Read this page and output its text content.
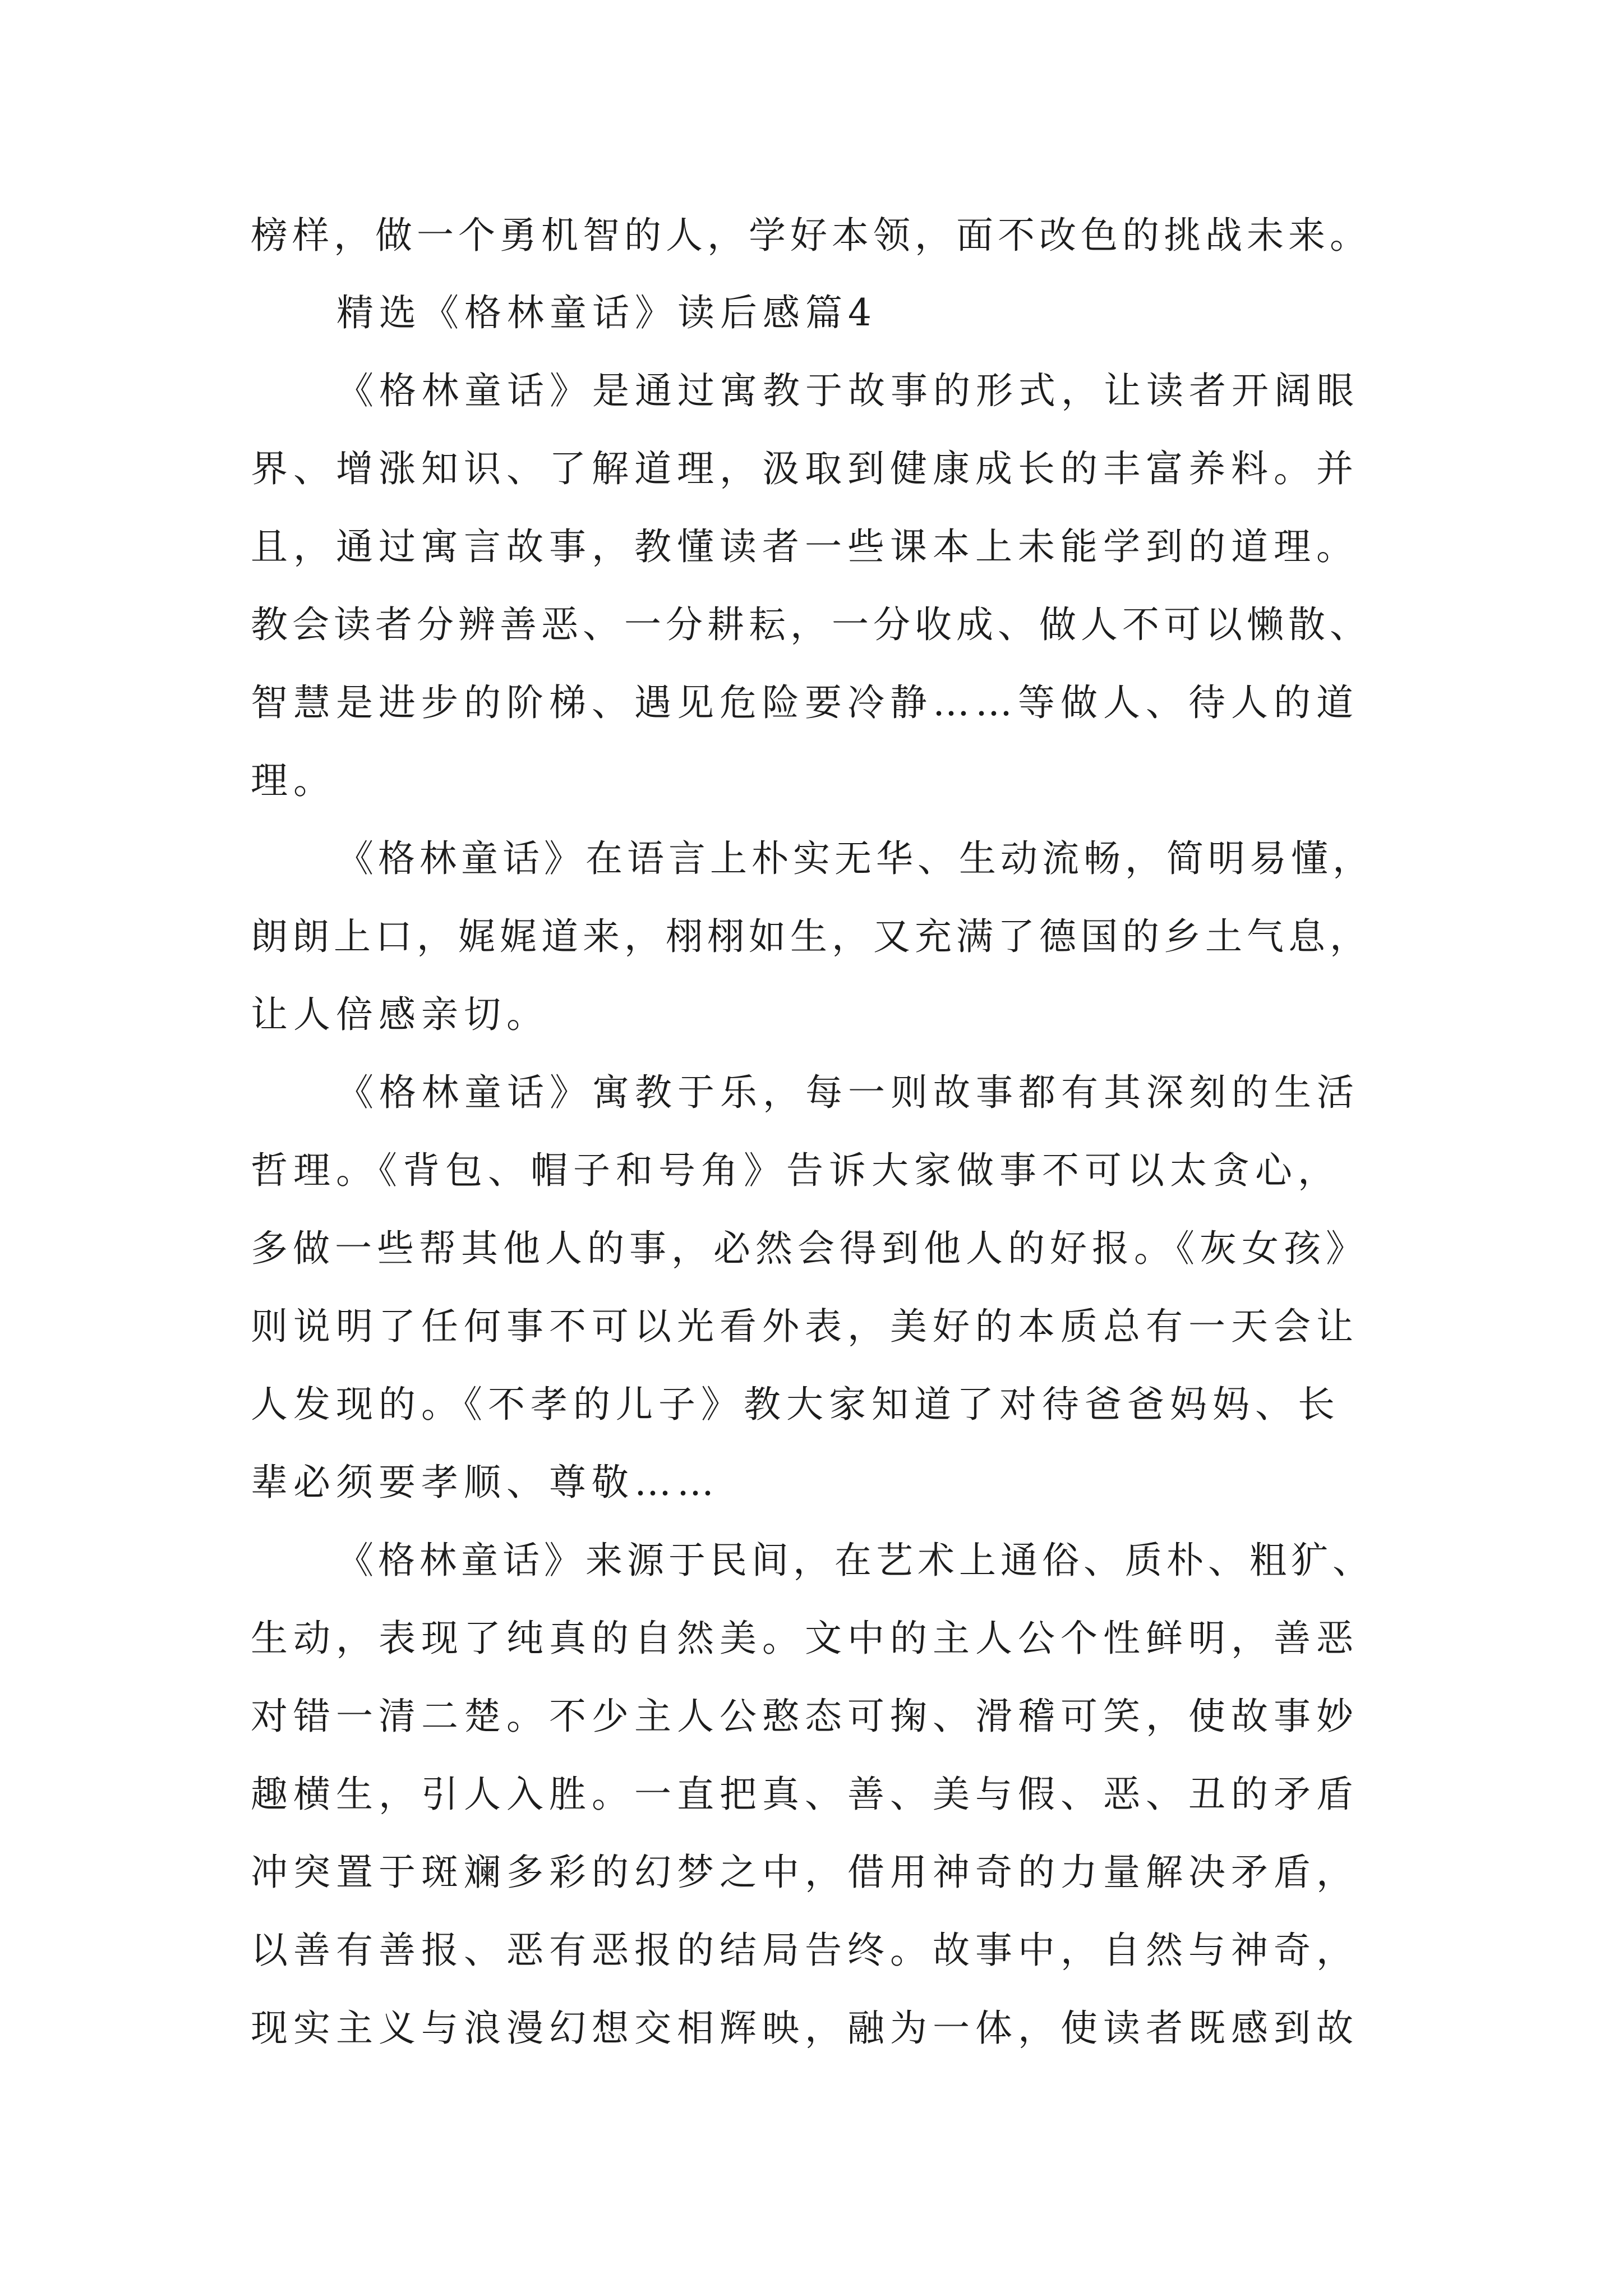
榜样，做一个勇机智的人，学好本领，面不改色的挑战未来。

精选《格林童话》读后感篇4

《格林童话》是通过寓教于故事的形式，让读者开阔眼

界、增涨知识、了解道理，汲取到健康成长的丰富养料。并

且，通过寓言故事，教懂读者一些课本上未能学到的道理。

教会读者分辨善恶、一分耕耘，一分收成、做人不可以懒散、

智慧是进步的阶梯、遇见危险要冷静……等做人、待人的道

理。

《格林童话》在语言上朴实无华、生动流畅，简明易懂，

朗朗上口，娓娓道来，栩栩如生，又充满了德国的乡土气息，

让人倍感亲切。

《格林童话》寓教于乐，每一则故事都有其深刻的生活

哲理。《背包、帽子和号角》告诉大家做事不可以太贪心，

多做一些帮其他人的事，必然会得到他人的好报。《灰女孩》

则说明了任何事不可以光看外表，美好的本质总有一天会让

人发现的。《不孝的儿子》教大家知道了对待爸爸妈妈、长

辈必须要孝顺、尊敬……

《格林童话》来源于民间，在艺术上通俗、质朴、粗犷、

生动，表现了纯真的自然美。文中的主人公个性鲜明，善恶

对错一清二楚。不少主人公憨态可掬、滑稽可笑，使故事妙

趣横生，引人入胜。一直把真、善、美与假、恶、丑的矛盾

冲突置于斑斓多彩的幻梦之中，借用神奇的力量解决矛盾，

以善有善报、恶有恶报的结局告终。故事中，自然与神奇，

现实主义与浪漫幻想交相辉映，融为一体，使读者既感到故
